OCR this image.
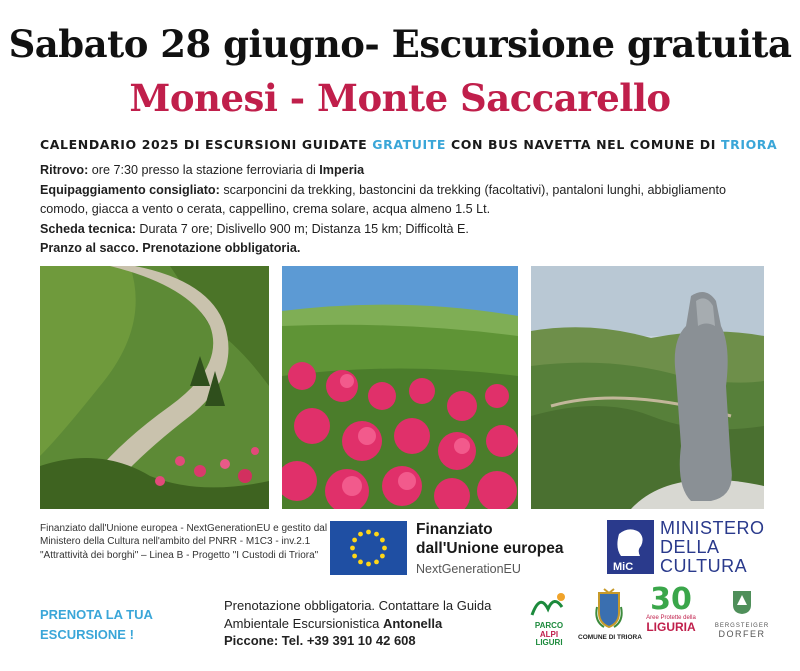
Sabato 28 giugno- Escursione gratuita
Monesi - Monte Saccarello
CALENDARIO 2025 DI ESCURSIONI GUIDATE GRATUITE CON BUS NAVETTA NEL COMUNE DI TRIORA
Ritrovo: ore 7:30 presso la stazione ferroviaria di Imperia
Equipaggiamento consigliato: scarponcini da trekking, bastoncini da trekking (facoltativi), pantaloni lunghi, abbigliamento comodo, giacca a vento o cerata, cappellino, crema solare, acqua almeno 1.5 Lt.
Scheda tecnica: Durata 7 ore; Dislivello 900 m; Distanza 15 km; Difficoltà E.
Pranzo al sacco. Prenotazione obbligatoria.
Finanziato dall'Unione europea - NextGenerationEU e gestito dal Ministero della Cultura nell'ambito del PNRR - M1C3 - inv.2.1 "Attrattività dei borghi" – Linea B - Progetto "I Custodi di Triora"
Finanziato
dall'Unione europea
NextGenerationEU	MiC
MINISTERO
DELLA
CULTURA
PRENOTA LA TUA ESCURSIONE !
Prenotazione obbligatoria. Contattare la Guida Ambientale Escursionistica Antonella
Piccone: Tel. +39 391 10 42 608
PARCO
ALPI
LIGURI
COMUNE DI TRIORA
30
Aree Protette della
LIGURIA	BERGSTEIGER
DORFER
